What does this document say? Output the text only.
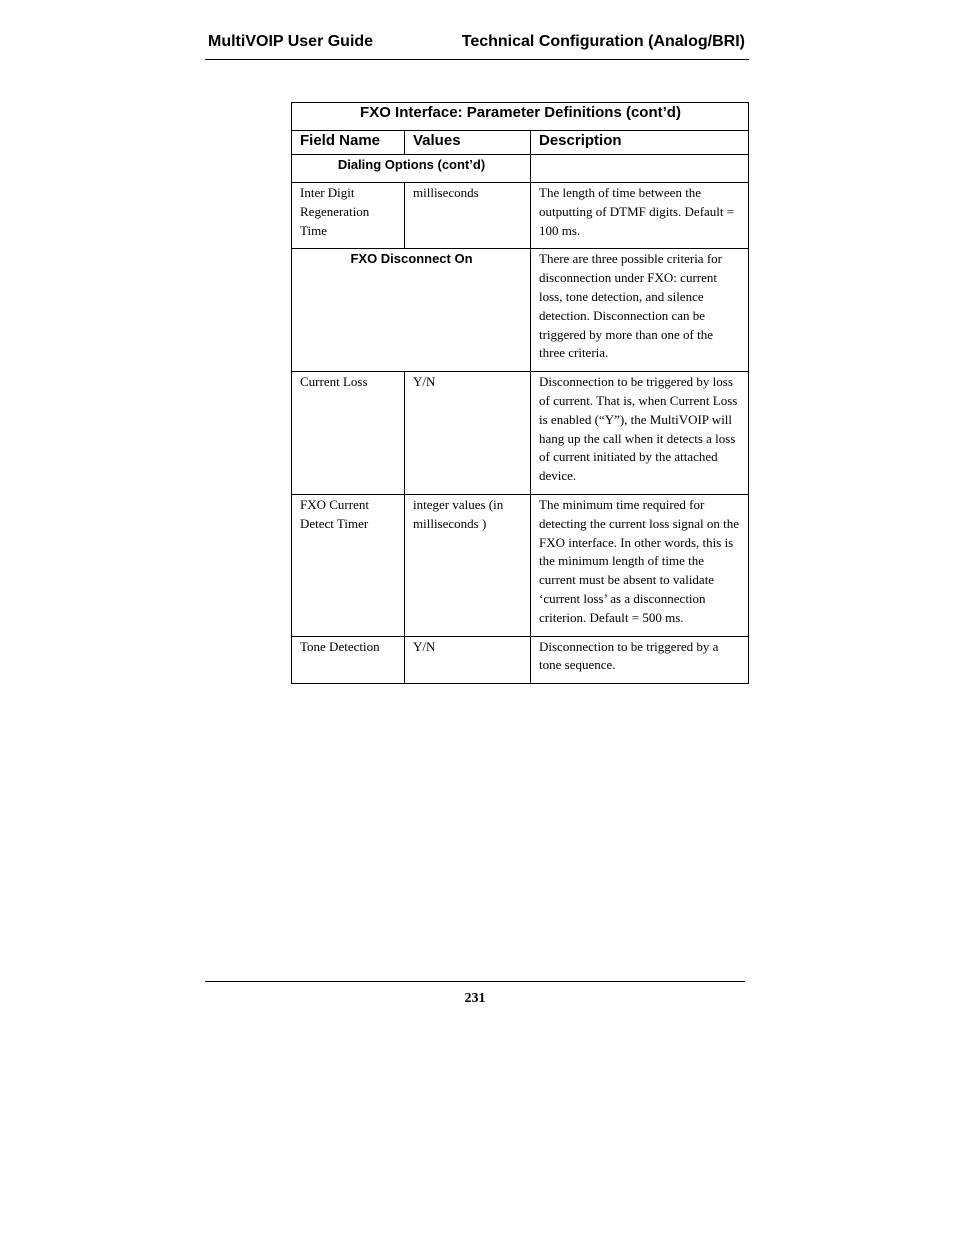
MultiVOIP User Guide	Technical Configuration (Analog/BRI)
FXO Interface: Parameter Definitions (cont’d)		
Field Name	Values	Description
Dialing Options (cont’d)		
Inter Digit Regeneration Time	milliseconds	The length of time between the outputting of DTMF digits. Default = 100 ms.
FXO Disconnect On		There are three possible criteria for disconnection under FXO: current loss, tone detection, and silence detection. Disconnection can be triggered by more than one of the three criteria.
Current Loss	Y/N	Disconnection to be triggered by loss of current. That is, when Current Loss is enabled (“Y”), the MultiVOIP will hang up the call when it detects a loss of current initiated by the attached device.
FXO Current Detect Timer	integer values (in milliseconds )	The minimum time required for detecting the current loss signal on the FXO interface. In other words, this is the minimum length of time the current must be absent to validate ‘current loss’ as a disconnection criterion. Default = 500 ms.
Tone Detection	Y/N	Disconnection to be triggered by a tone sequence.
231
